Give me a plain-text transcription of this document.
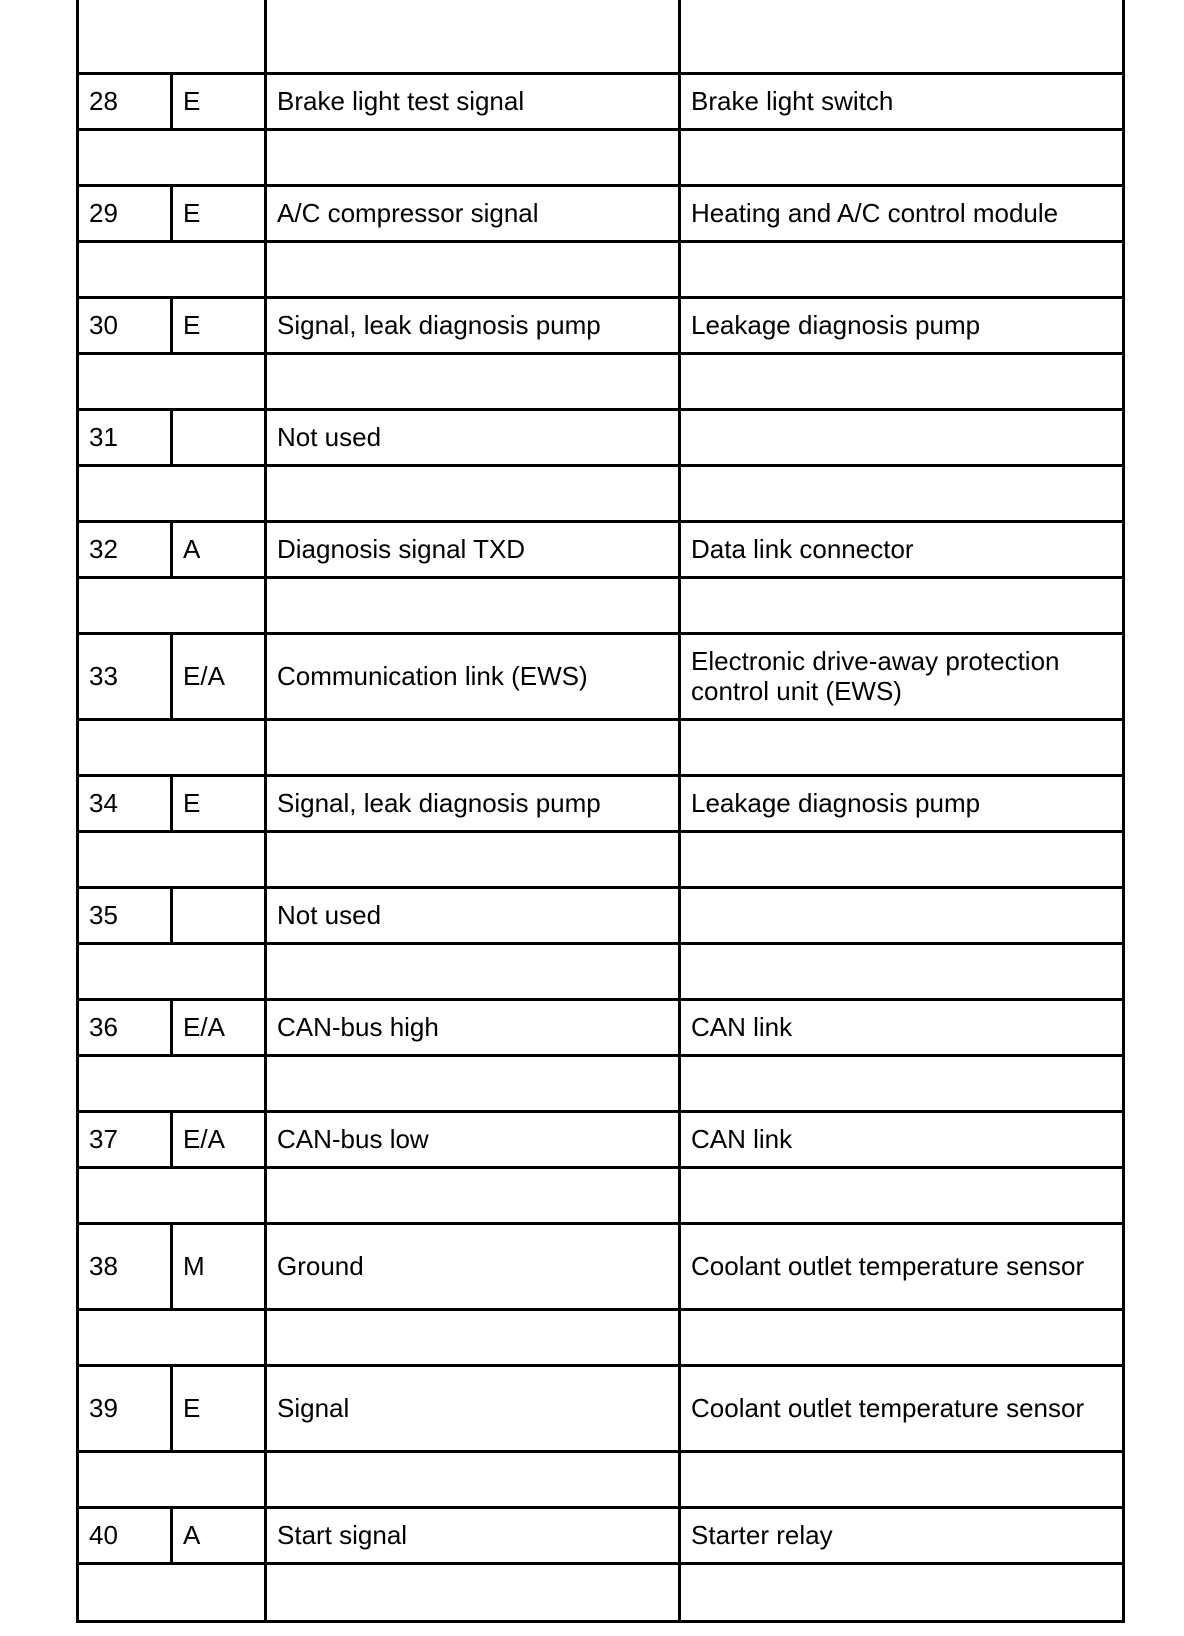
28	E	Brake light test signal	Brake light switch

29	E	A/C compressor signal	Heating and A/C control module

30	E	Signal, leak diagnosis pump	Leakage diagnosis pump

31		Not used	

32	A	Diagnosis signal TXD	Data link connector

33	E/A	Communication link (EWS)	Electronic drive-away protection control unit (EWS)

34	E	Signal, leak diagnosis pump	Leakage diagnosis pump

35		Not used	

36	E/A	CAN-bus high	CAN link

37	E/A	CAN-bus low	CAN link

38	M	Ground	Coolant outlet temperature sensor

39	E	Signal	Coolant outlet temperature sensor

40	A	Start signal	Starter relay
